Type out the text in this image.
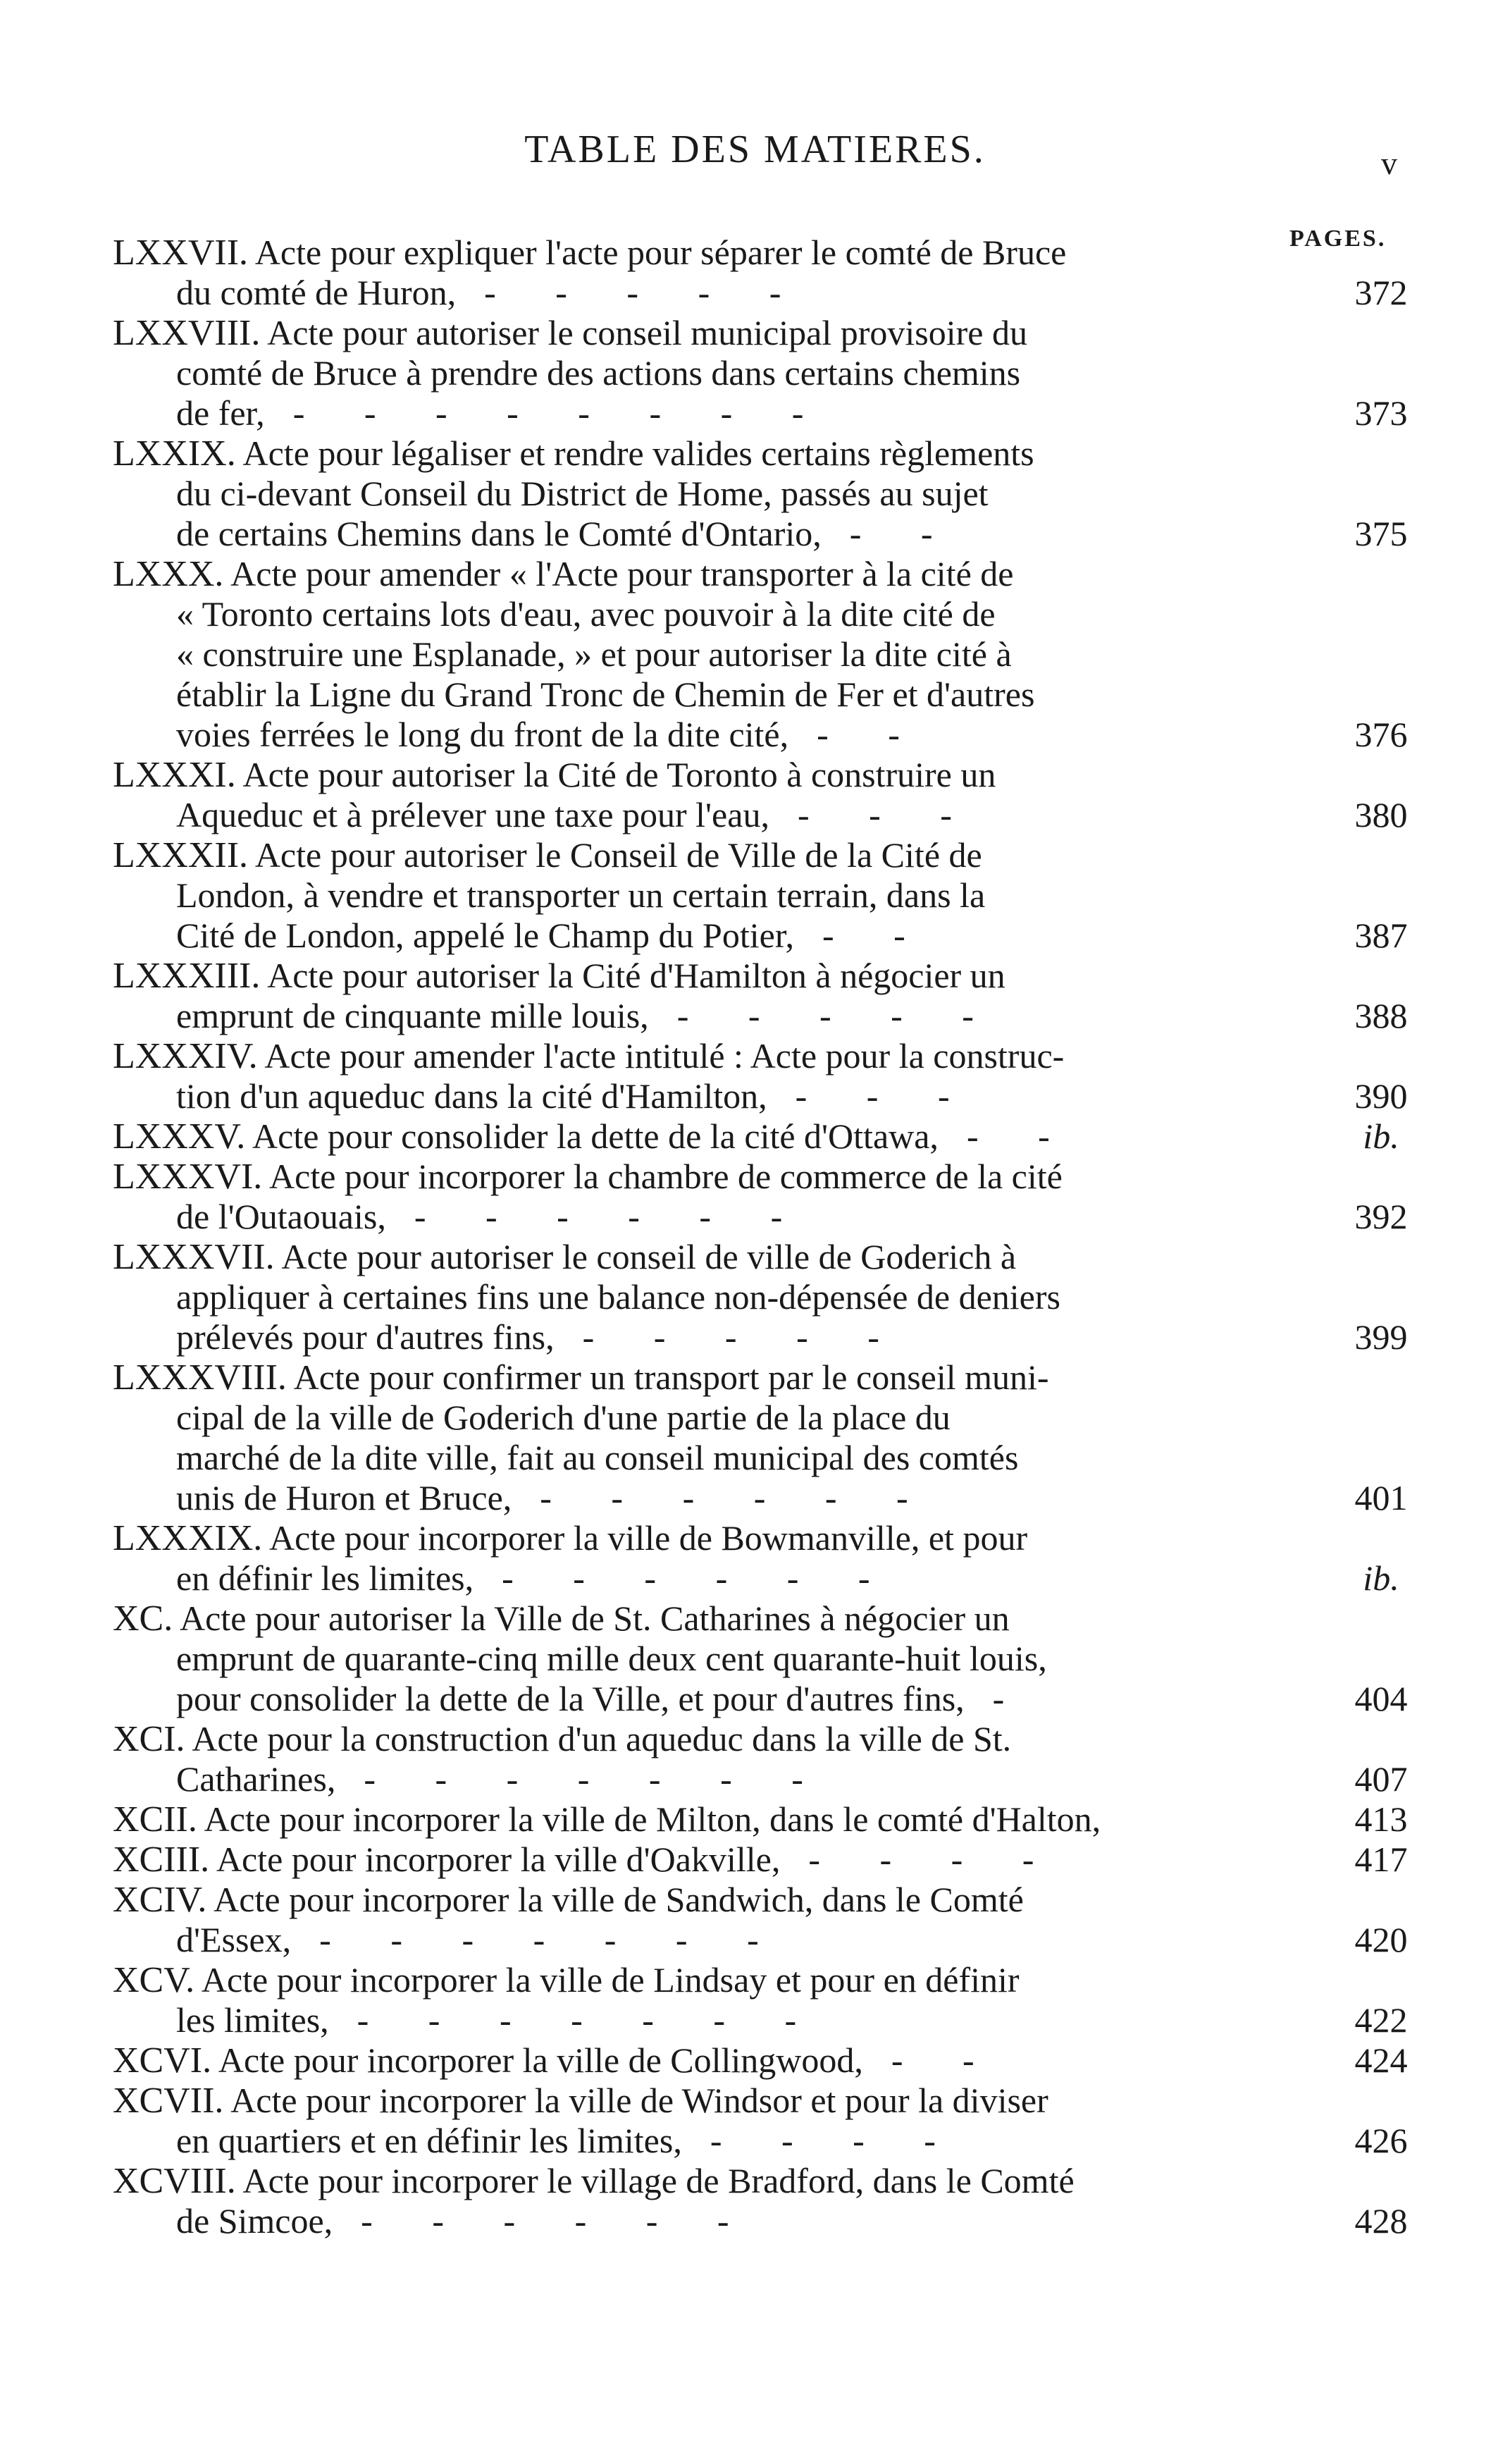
TABLE DES MATIERES.	v
PAGES.
LXXVII. Acte pour expliquer l'acte pour séparer le comté de Bruce
du comté de Huron, - - - - -	372
LXXVIII. Acte pour autoriser le conseil municipal provisoire du
comté de Bruce à prendre des actions dans certains chemins
de fer, - - - - - - - -	373
LXXIX. Acte pour légaliser et rendre valides certains règlements
du ci-devant Conseil du District de Home, passés au sujet
de certains Chemins dans le Comté d'Ontario, - -	375
LXXX. Acte pour amender « l'Acte pour transporter à la cité de
« Toronto certains lots d'eau, avec pouvoir à la dite cité de
« construire une Esplanade, » et pour autoriser la dite cité à
établir la Ligne du Grand Tronc de Chemin de Fer et d'autres
voies ferrées le long du front de la dite cité, - -	376
LXXXI. Acte pour autoriser la Cité de Toronto à construire un
Aqueduc et à prélever une taxe pour l'eau, - - -	380
LXXXII. Acte pour autoriser le Conseil de Ville de la Cité de
London, à vendre et transporter un certain terrain, dans la
Cité de London, appelé le Champ du Potier, - -	387
LXXXIII. Acte pour autoriser la Cité d'Hamilton à négocier un
emprunt de cinquante mille louis, - - - - -	388
LXXXIV. Acte pour amender l'acte intitulé : Acte pour la construc-
tion d'un aqueduc dans la cité d'Hamilton, - - -	390
LXXXV. Acte pour consolider la dette de la cité d'Ottawa, - -	ib.
LXXXVI. Acte pour incorporer la chambre de commerce de la cité
de l'Outaouais, - - - - - -	392
LXXXVII. Acte pour autoriser le conseil de ville de Goderich à
appliquer à certaines fins une balance non-dépensée de deniers
prélevés pour d'autres fins, - - - - -	399
LXXXVIII. Acte pour confirmer un transport par le conseil muni-
cipal de la ville de Goderich d'une partie de la place du
marché de la dite ville, fait au conseil municipal des comtés
unis de Huron et Bruce, - - - - - -	401
LXXXIX. Acte pour incorporer la ville de Bowmanville, et pour
en définir les limites, - - - - - -	ib.
XC. Acte pour autoriser la Ville de St. Catharines à négocier un
emprunt de quarante-cinq mille deux cent quarante-huit louis,
pour consolider la dette de la Ville, et pour d'autres fins, -	404
XCI. Acte pour la construction d'un aqueduc dans la ville de St.
Catharines, - - - - - - -	407
XCII. Acte pour incorporer la ville de Milton, dans le comté d'Halton,	413
XCIII. Acte pour incorporer la ville d'Oakville, - - - -	417
XCIV. Acte pour incorporer la ville de Sandwich, dans le Comté
d'Essex, - - - - - - -	420
XCV. Acte pour incorporer la ville de Lindsay et pour en définir
les limites, - - - - - - -	422
XCVI. Acte pour incorporer la ville de Collingwood, - -	424
XCVII. Acte pour incorporer la ville de Windsor et pour la diviser
en quartiers et en définir les limites, - - - -	426
XCVIII. Acte pour incorporer le village de Bradford, dans le Comté
de Simcoe, - - - - - -	428
